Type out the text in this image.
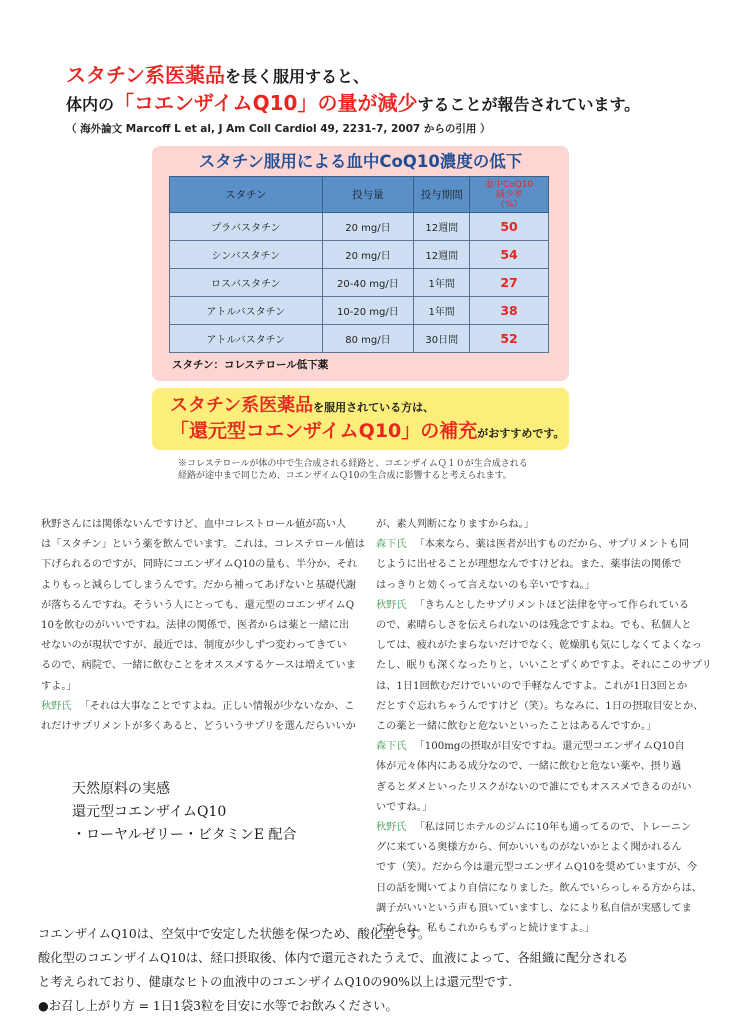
スタチン系医薬品を長く服用すると、
体内の「コエンザイムQ10」の量が減少することが報告されています。
（ 海外論文 Marcoff L et al, J Am Coll Cardiol 49, 2231-7, 2007 からの引用 ）
スタチン服用による血中CoQ10濃度の低下
スタチン	投与量	投与期間	血中CoQ10
減少率
（%）

プラバスタチン	20 mg/日	12週間	50
シンバスタチン	20 mg/日	12週間	54
ロスバスタチン	20-40 mg/日	1年間	27
アトルバスタチン	10-20 mg/日	1年間	38
アトルバスタチン	80 mg/日	30日間	52
スタチン：コレステロール低下薬
スタチン系医薬品を服用されている方は、
「還元型コエンザイムQ10」の補充がおすすめです。

※コレステロールが体の中で生合成される経路と、コエンザイムＱ１０が生合成される

経路が途中まで同じため、コエンザイムＱ10の生合成に影響すると考えられます。

秋野さんには関係ないんですけど、血中コレストロール値が高い人

は「スタチン」という薬を飲んでいます。これは、コレステロール値は

下げられるのですが、同時にコエンザイムQ10の量も、半分か、それ

よりもっと減らしてしまうんです。だから補ってあげないと基礎代謝

が落ちるんですね。そういう人にとっても、還元型のコエンザイムQ

10を飲むのがいいですね。法律の関係で、医者からは薬と一緒に出

せないのが現状ですが、最近では、制度が少しずつ変わってきてい

るので、病院で、一緒に飲むことをオススメするケースは増えていま

すよ。」

秋野氏 「それは大事なことですよね。正しい情報が少ないなか、こ

れだけサプリメントが多くあると、どういうサプリを選んだらいいか

が、素人判断になりますからね。」

森下氏 「本来なら、薬は医者が出すものだから、サプリメントも同

じように出せることが理想なんですけどね。また、薬事法の関係で

はっきりと効くって言えないのも辛いですね。」

秋野氏 「きちんとしたサプリメントほど法律を守って作られている

ので、素晴らしさを伝えられないのは残念ですよね。でも、私個人と

しては、疲れがたまらないだけでなく、乾燥肌も気にしなくてよくなっ

たし、眠りも深くなったりと、いいことずくめですよ。それにこのサプリ

は、1日1回飲むだけでいいので手軽なんですよ。これが1日3回とか

だとすぐ忘れちゃうんですけど（笑）。ちなみに、1日の摂取目安とか、

この薬と一緒に飲むと危ないといったことはあるんですか。」

森下氏 「100mgの摂取が目安ですね。還元型コエンザイムQ10自

体が元々体内にある成分なので、一緒に飲むと危ない薬や、摂り過

ぎるとダメといったリスクがないので誰にでもオススメできるのがい

いですね。」

秋野氏 「私は同じホテルのジムに10年も通ってるので、トレーニン

グに来ている奥様方から、何かいいものがないかとよく聞かれるん

です（笑）。だから今は還元型コエンザイムQ10を奨めていますが、今

日の話を聞いてより自信になりました。飲んでいらっしゃる方からは、

調子がいいという声も頂いていますし、なにより私自信が実感してま

すからね。私もこれからもずっと続けますよ。」

天然原料の実感

還元型コエンザイムQ10

・ローヤルゼリー・ビタミンE 配合

コエンザイムQ10は、空気中で安定した状態を保つため、酸化型です。

酸化型のコエンザイムQ10は、経口摂取後、体内で還元されたうえで、血液によって、各組織に配分される

と考えられており、健康なヒトの血液中のコエンザイムQ10の90%以上は還元型です.

●お召し上がり方 = 1日1袋3粒を目安に水等でお飲みください。
